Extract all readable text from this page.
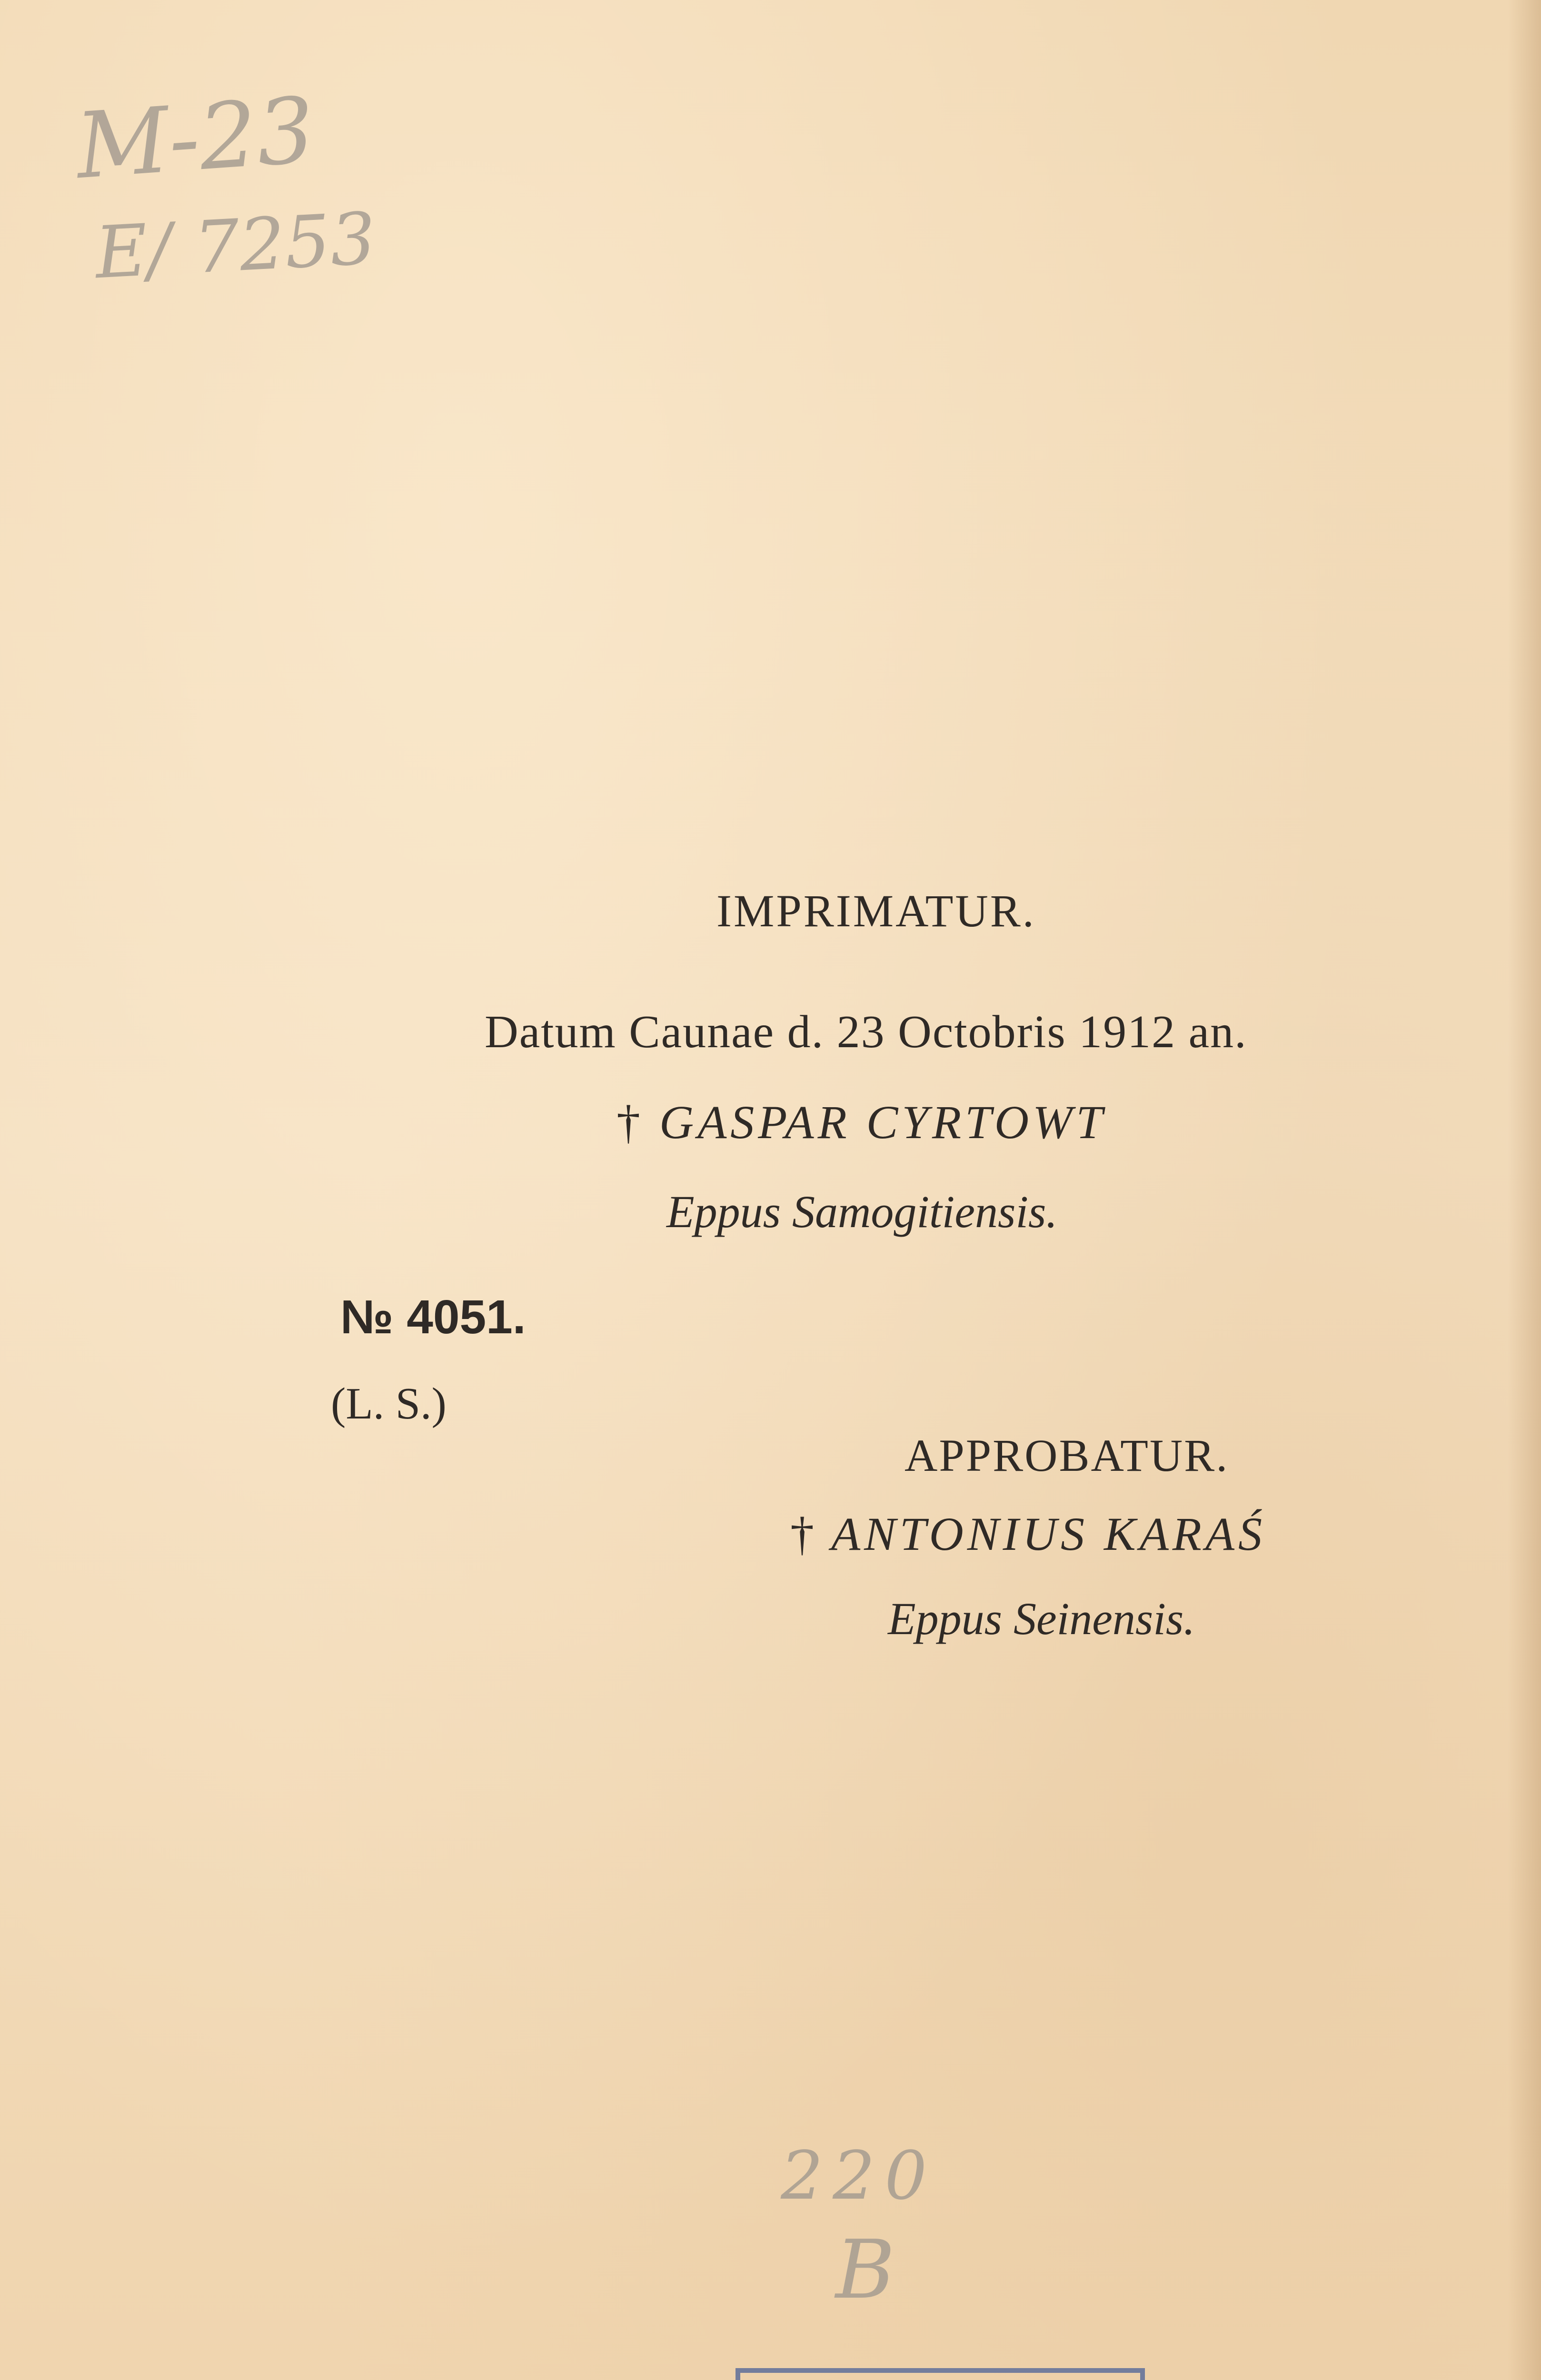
M-23
E/ 7253
IMPRIMATUR.
Datum Caunae d. 23 Octobris 1912 an.
† GASPAR CYRTOWT
Eppus Samogitiensis.
№ 4051.
(L. S.)
APPROBATUR.
† ANTONIUS KARAŚ
Eppus Seinensis.
220
B
